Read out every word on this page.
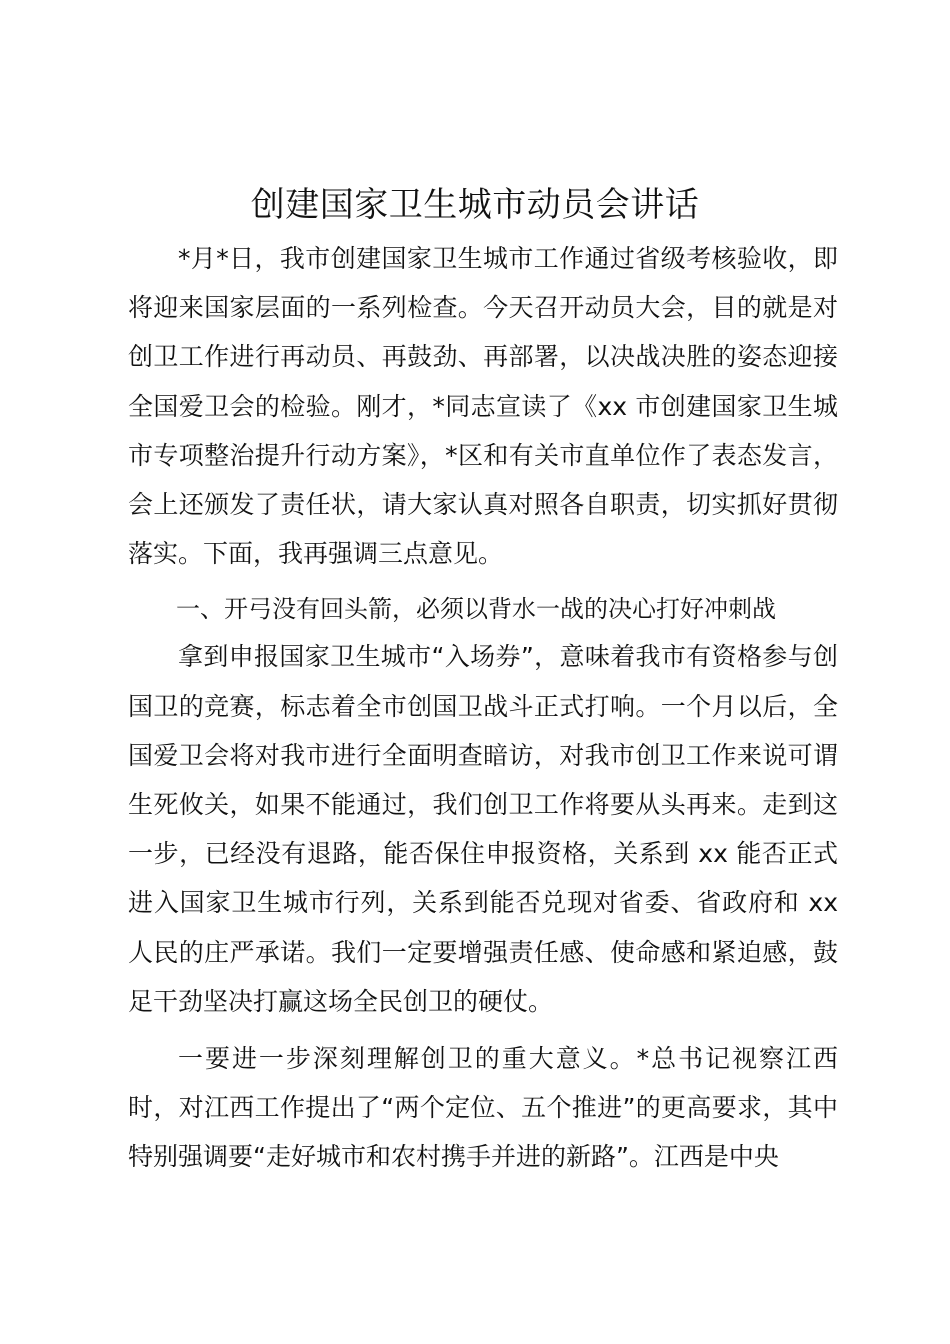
创建国家卫生城市动员会讲话

*月*日，我市创建国家卫生城市工作通过省级考核验收，即将迎来国家层面的一系列检查。今天召开动员大会，目的就是对创卫工作进行再动员、再鼓劲、再部署，以决战决胜的姿态迎接全国爱卫会的检验。刚才，*同志宣读了《xx 市创建国家卫生城市专项整治提升行动方案》，*区和有关市直单位作了表态发言，会上还颁发了责任状，请大家认真对照各自职责，切实抓好贯彻落实。下面，我再强调三点意见。

一、开弓没有回头箭，必须以背水一战的决心打好冲刺战

拿到申报国家卫生城市“入场券”，意味着我市有资格参与创国卫的竞赛，标志着全市创国卫战斗正式打响。一个月以后，全国爱卫会将对我市进行全面明查暗访，对我市创卫工作来说可谓生死攸关，如果不能通过，我们创卫工作将要从头再来。走到这一步，已经没有退路，能否保住申报资格，关系到 xx 能否正式进入国家卫生城市行列，关系到能否兑现对省委、省政府和 xx 人民的庄严承诺。我们一定要增强责任感、使命感和紧迫感，鼓足干劲坚决打赢这场全民创卫的硬仗。

一要进一步深刻理解创卫的重大意义。*总书记视察江西时，对江西工作提出了“两个定位、五个推进”的更高要求，其中特别强调要“走好城市和农村携手并进的新路”。江西是中央
